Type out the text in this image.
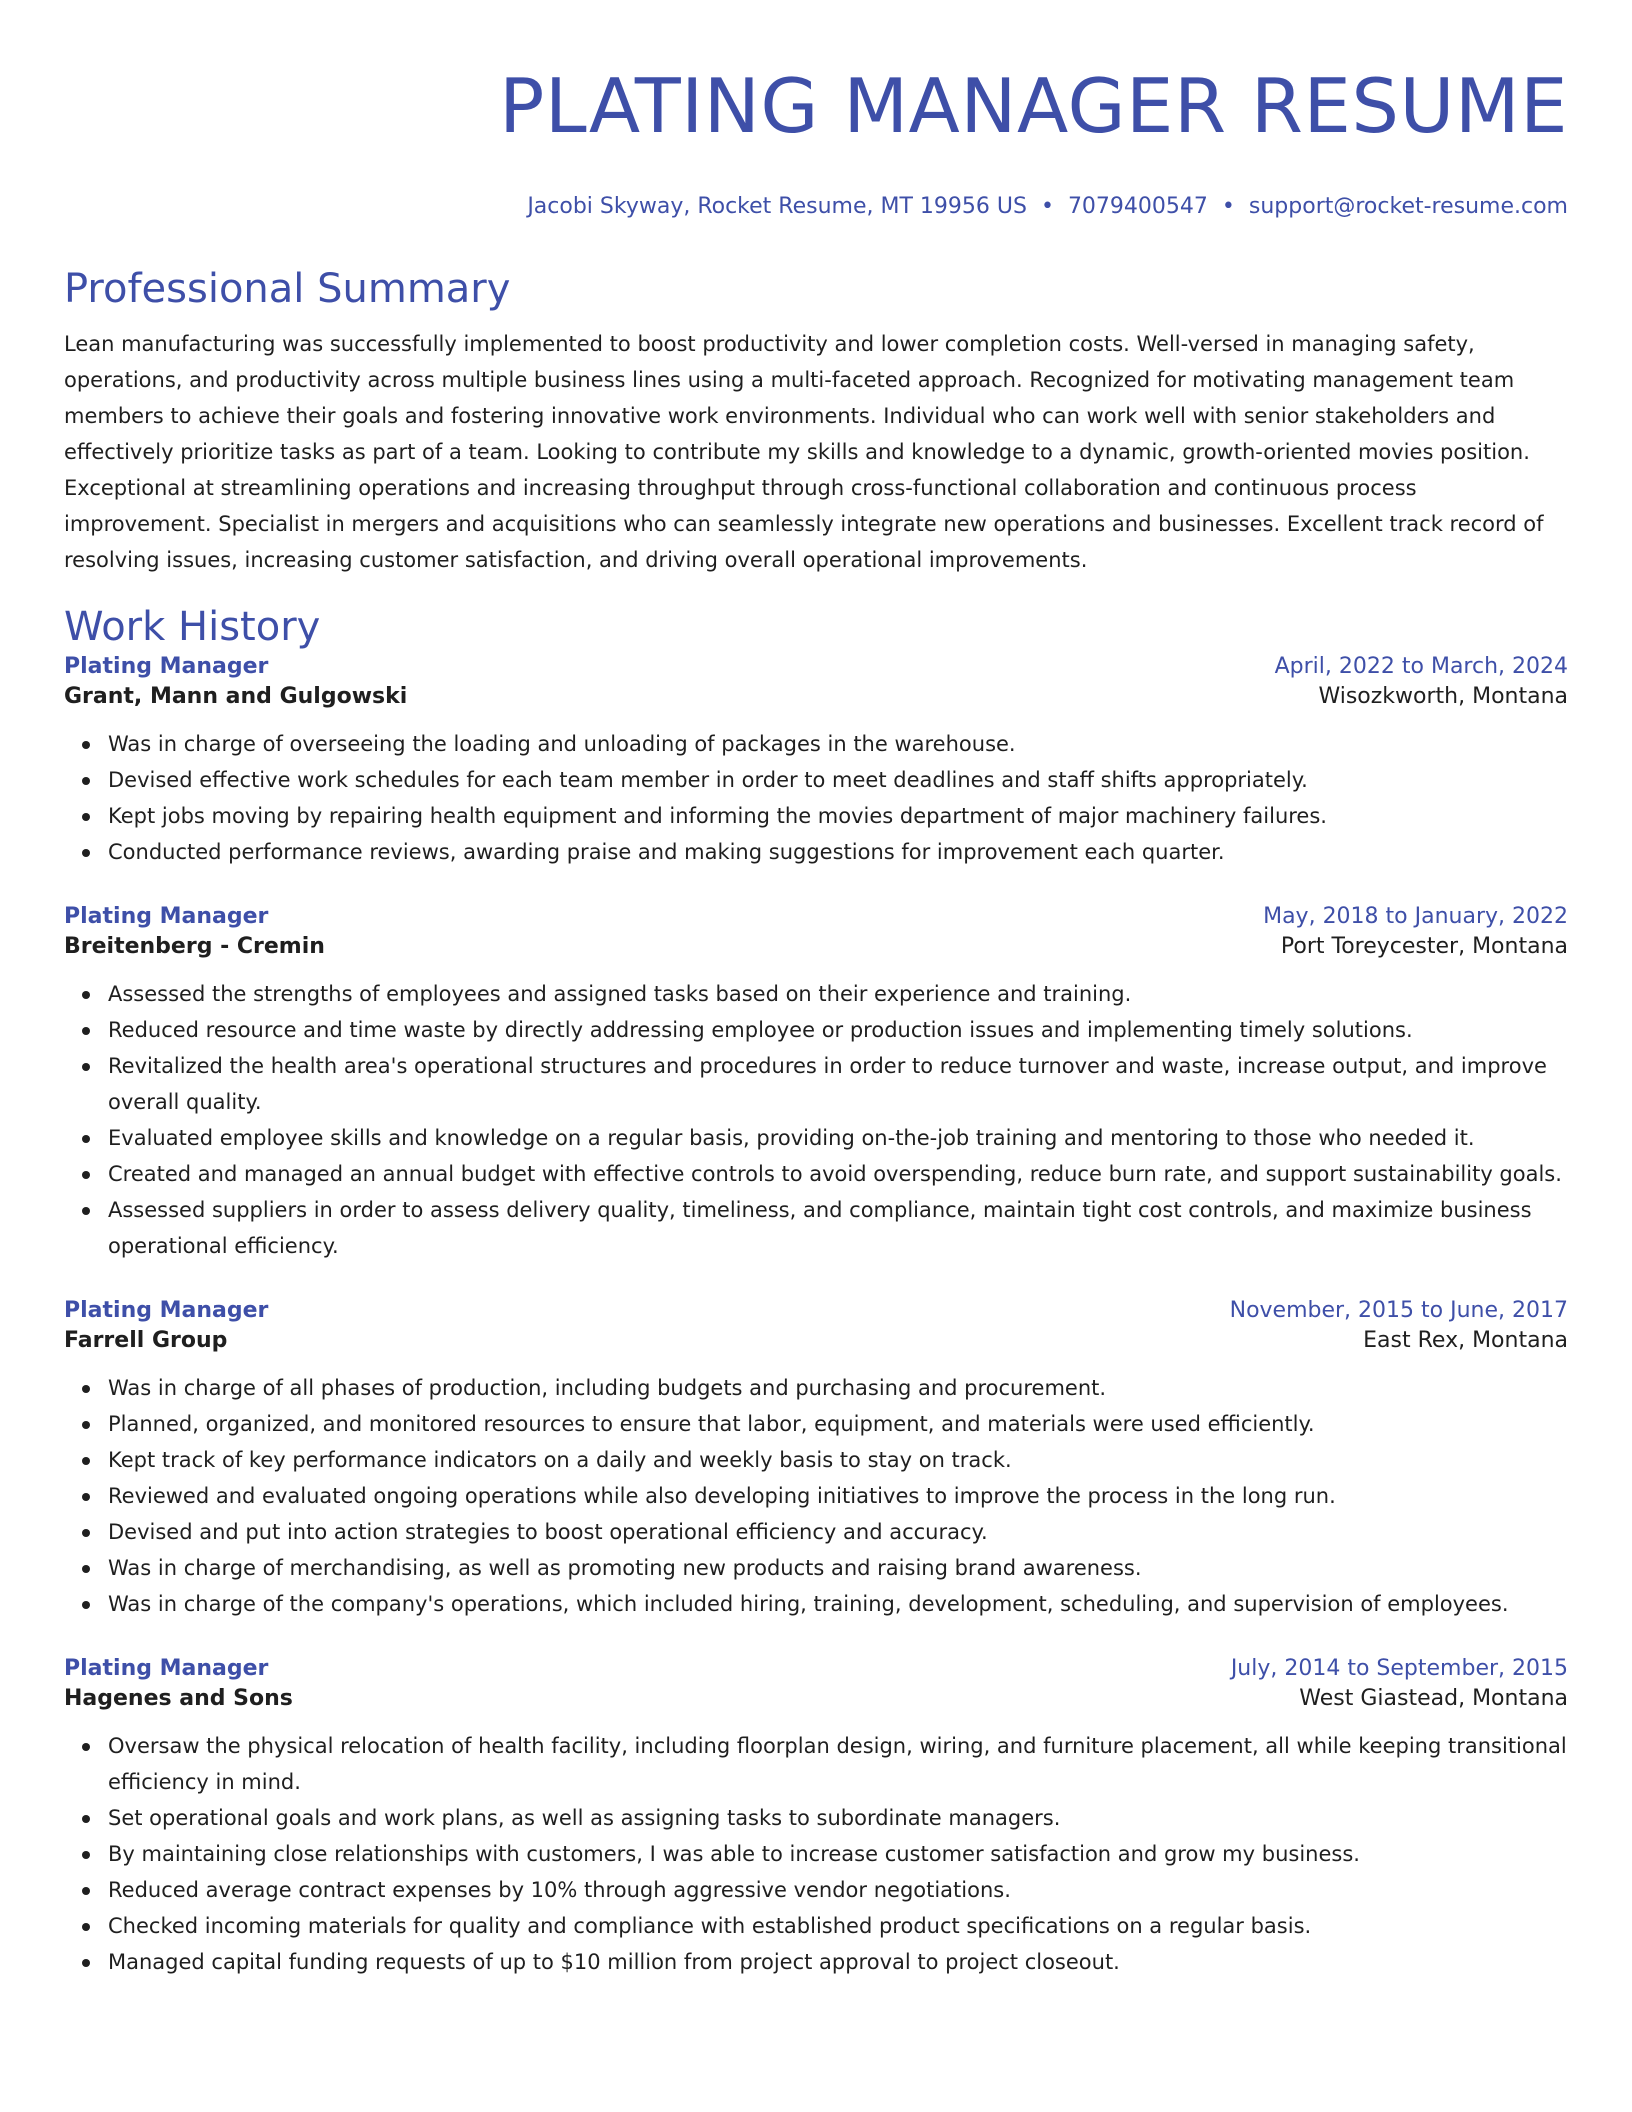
PLATING MANAGER RESUME
Jacobi Skyway, Rocket Resume, MT 19956 US • 7079400547 • support@rocket-resume.com
Professional Summary

Lean manufacturing was successfully implemented to boost productivity and lower completion costs. Well-versed in managing safety, operations, and productivity across multiple business lines using a multi-faceted approach. Recognized for motivating management team members to achieve their goals and fostering innovative work environments. Individual who can work well with senior stakeholders and effectively prioritize tasks as part of a team. Looking to contribute my skills and knowledge to a dynamic, growth-oriented movies position. Exceptional at streamlining operations and increasing throughput through cross-functional collaboration and continuous process improvement. Specialist in mergers and acquisitions who can seamlessly integrate new operations and businesses. Excellent track record of resolving issues, increasing customer satisfaction, and driving overall operational improvements.

Work History
Plating Manager	April, 2022 to March, 2024
Grant, Mann and Gulgowski	Wisozkworth, Montana
Was in charge of overseeing the loading and unloading of packages in the warehouse.
Devised effective work schedules for each team member in order to meet deadlines and staff shifts appropriately.
Kept jobs moving by repairing health equipment and informing the movies department of major machinery failures.
Conducted performance reviews, awarding praise and making suggestions for improvement each quarter.
Plating Manager	May, 2018 to January, 2022
Breitenberg - Cremin	Port Toreycester, Montana
Assessed the strengths of employees and assigned tasks based on their experience and training.
Reduced resource and time waste by directly addressing employee or production issues and implementing timely solutions.
Revitalized the health area's operational structures and procedures in order to reduce turnover and waste, increase output, and improve overall quality.
Evaluated employee skills and knowledge on a regular basis, providing on-the-job training and mentoring to those who needed it.
Created and managed an annual budget with effective controls to avoid overspending, reduce burn rate, and support sustainability goals.
Assessed suppliers in order to assess delivery quality, timeliness, and compliance, maintain tight cost controls, and maximize business operational efficiency.
Plating Manager	November, 2015 to June, 2017
Farrell Group	East Rex, Montana
Was in charge of all phases of production, including budgets and purchasing and procurement.
Planned, organized, and monitored resources to ensure that labor, equipment, and materials were used efficiently.
Kept track of key performance indicators on a daily and weekly basis to stay on track.
Reviewed and evaluated ongoing operations while also developing initiatives to improve the process in the long run.
Devised and put into action strategies to boost operational efficiency and accuracy.
Was in charge of merchandising, as well as promoting new products and raising brand awareness.
Was in charge of the company's operations, which included hiring, training, development, scheduling, and supervision of employees.
Plating Manager	July, 2014 to September, 2015
Hagenes and Sons	West Giastead, Montana
Oversaw the physical relocation of health facility, including floorplan design, wiring, and furniture placement, all while keeping transitional efficiency in mind.
Set operational goals and work plans, as well as assigning tasks to subordinate managers.
By maintaining close relationships with customers, I was able to increase customer satisfaction and grow my business.
Reduced average contract expenses by 10% through aggressive vendor negotiations.
Checked incoming materials for quality and compliance with established product specifications on a regular basis.
Managed capital funding requests of up to $10 million from project approval to project closeout.
